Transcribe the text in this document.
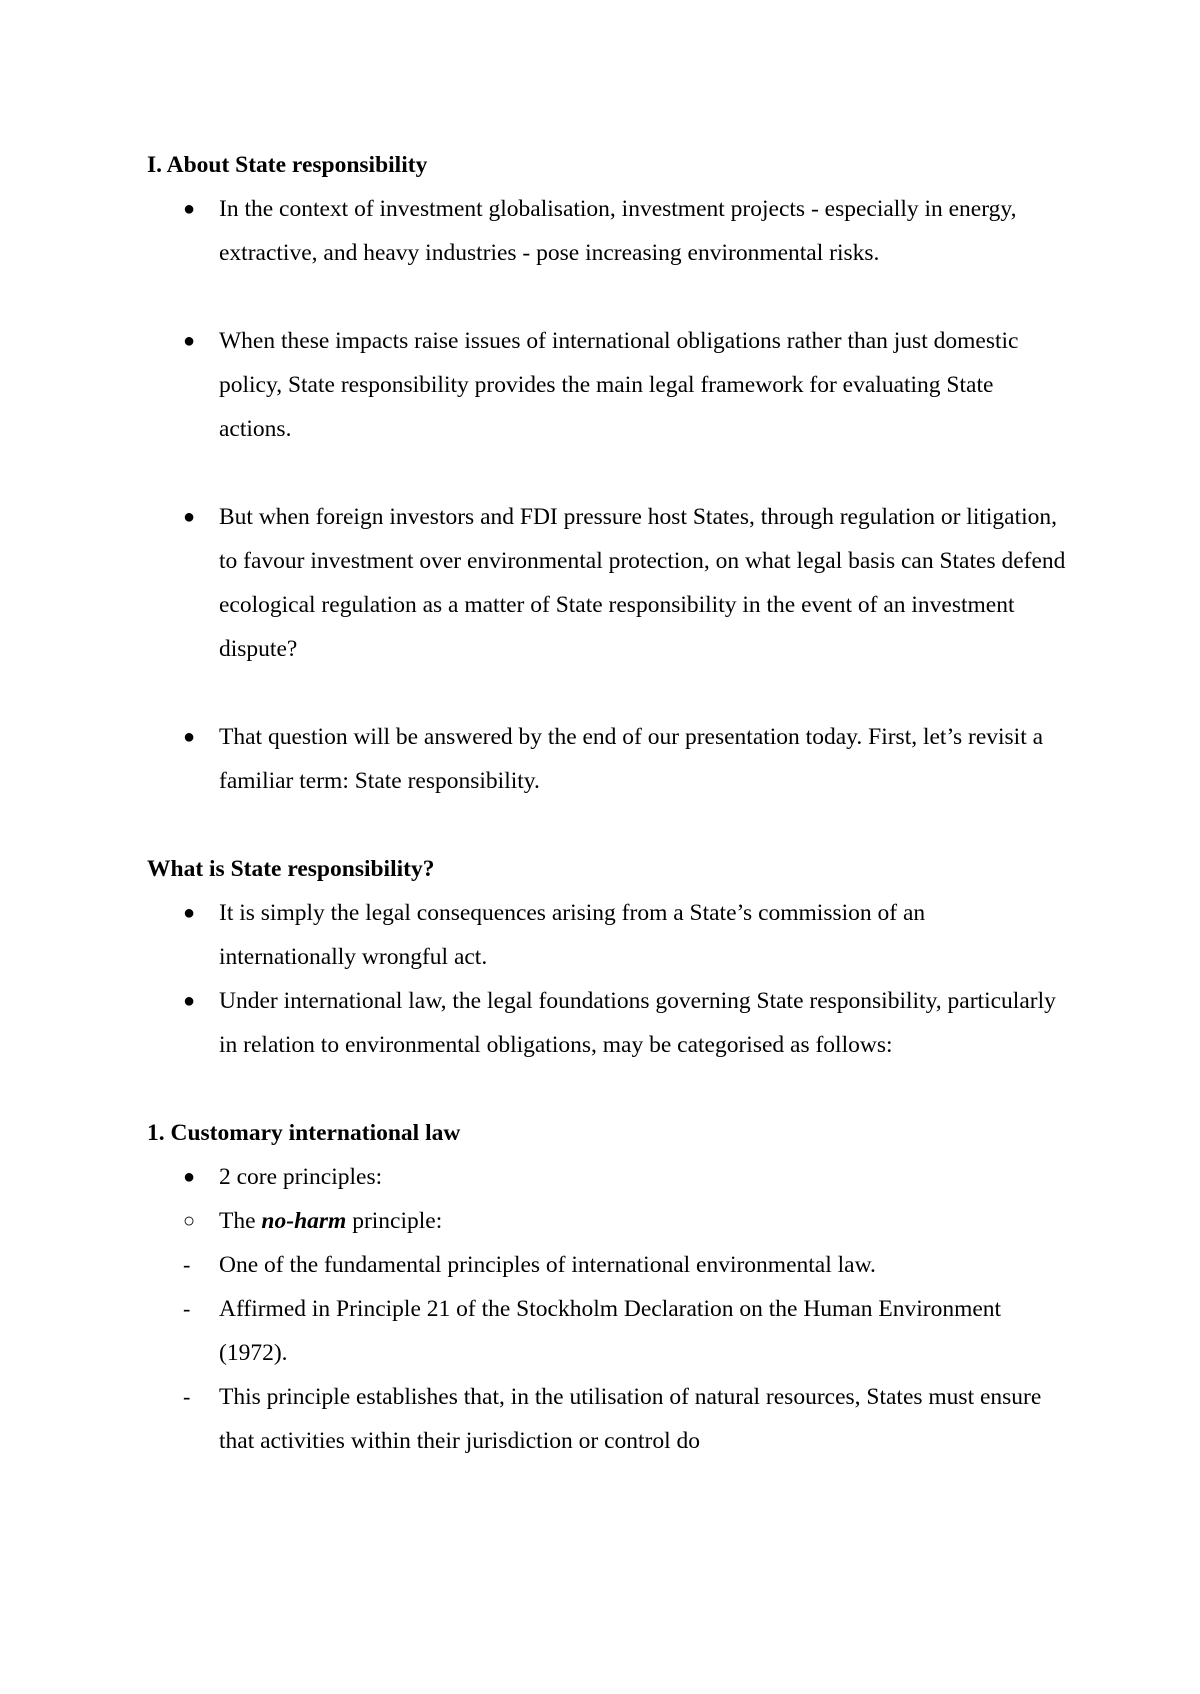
I. About State responsibility

●	In the context of investment globalisation, investment projects - especially in energy, extractive, and heavy industries - pose increasing environmental risks.
●	When these impacts raise issues of international obligations rather than just domestic policy, State responsibility provides the main legal framework for evaluating State actions.
●	But when foreign investors and FDI pressure host States, through regulation or litigation, to favour investment over environmental protection, on what legal basis can States defend ecological regulation as a matter of State responsibility in the event of an investment dispute?
●	That question will be answered by the end of our presentation today. First, let’s revisit a familiar term: State responsibility.

What is State responsibility?

●	It is simply the legal consequences arising from a State’s commission of an internationally wrongful act.
●	Under international law, the legal foundations governing State responsibility, particularly in relation to environmental obligations, may be categorised as follows:

1. Customary international law

●	2 core principles:
○	The no-harm principle:
-	One of the fundamental principles of international environmental law.
-	Affirmed in Principle 21 of the Stockholm Declaration on the Human Environment (1972).
-	This principle establishes that, in the utilisation of natural resources, States must ensure that activities within their jurisdiction or control do
